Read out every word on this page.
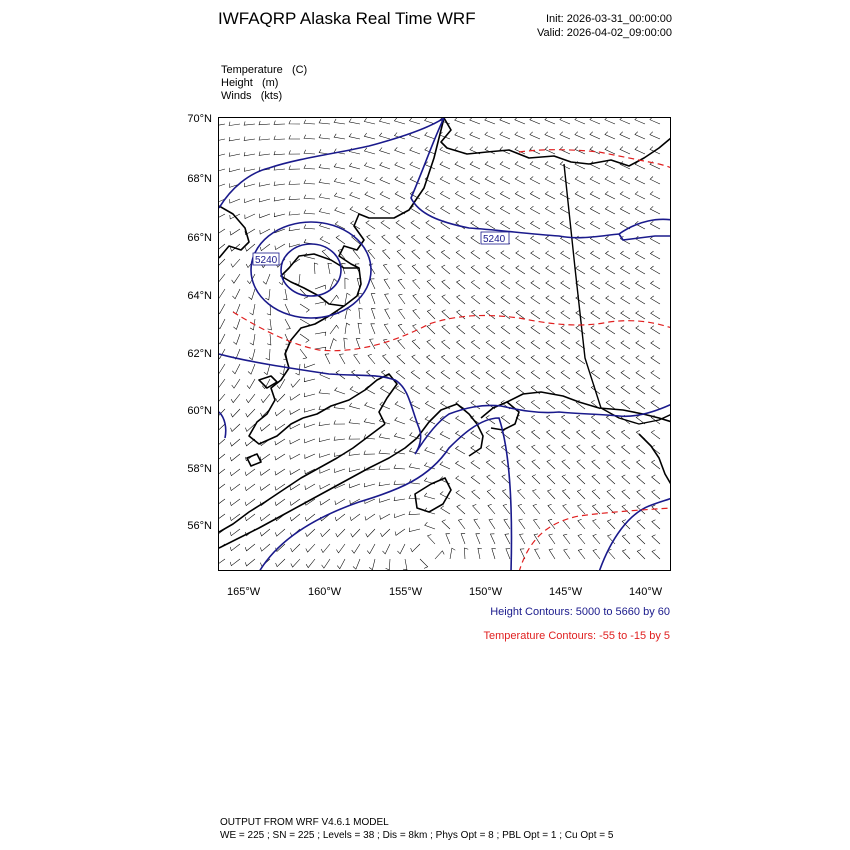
IWFAQRP Alaska Real Time WRF	Init: 2026-03-31_00:00:00
Valid: 2026-04-02_09:00:00
Temperature (C)
Height (m)
Winds (kts)
70°N
68°N
66°N
64°N
62°N
60°N
58°N
56°N
165°W	160°W	155°W	150°W	145°W	140°W
5240
5240
Height Contours: 5000 to 5660 by 60
Temperature Contours: -55 to -15 by 5
OUTPUT FROM WRF V4.6.1 MODEL
WE = 225 ; SN = 225 ; Levels = 38 ; Dis = 8km ; Phys Opt = 8 ; PBL Opt = 1 ; Cu Opt = 5
